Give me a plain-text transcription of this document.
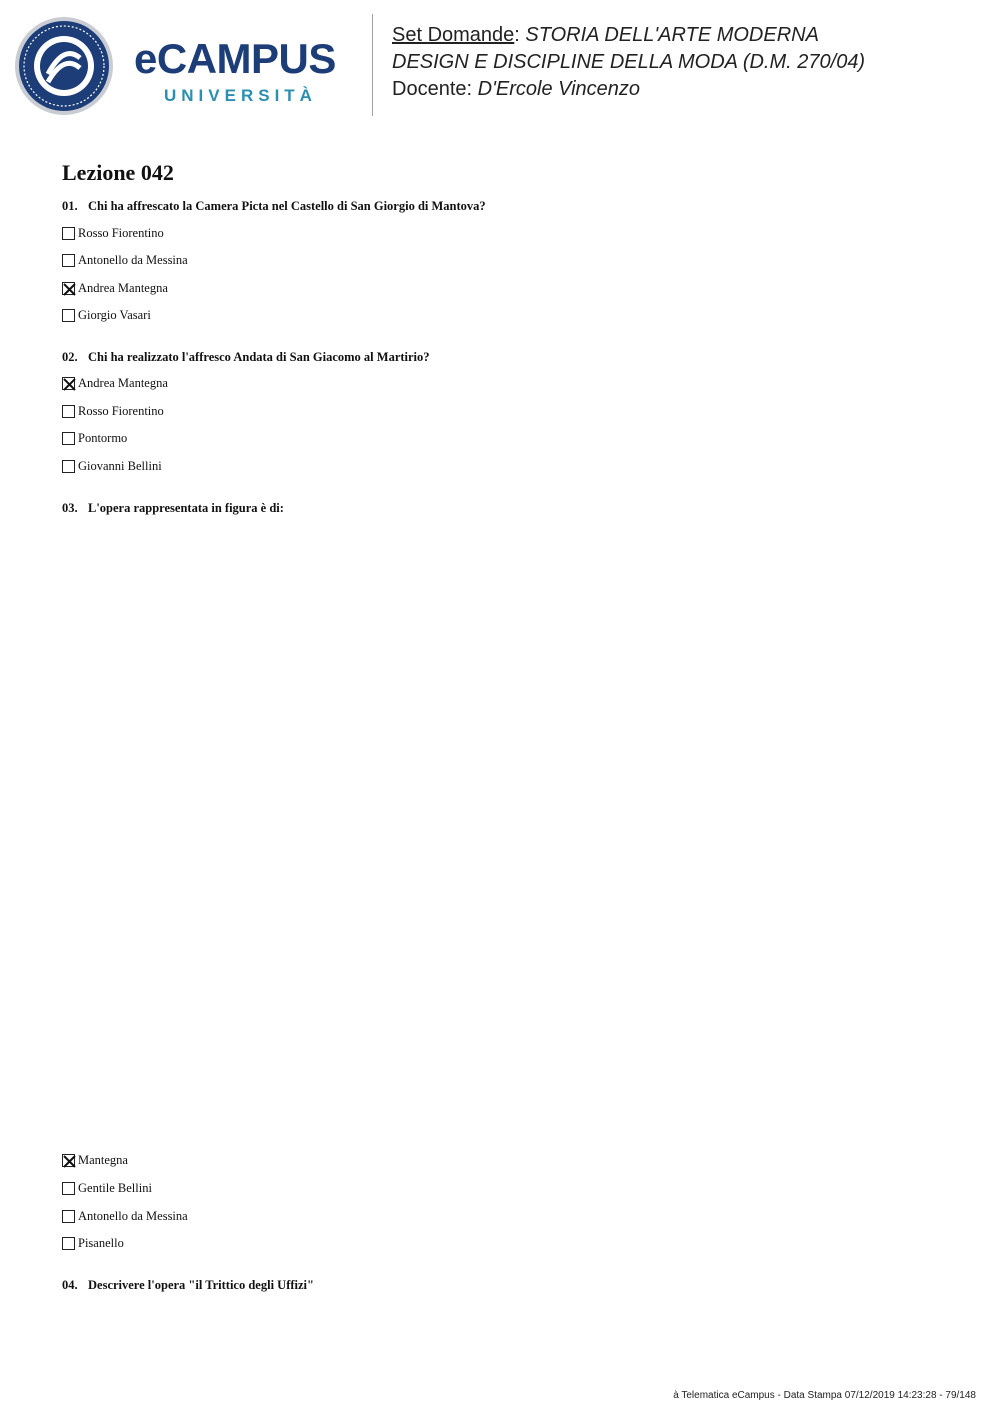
eCAMPUS
UNIVERSITÀ
Set Domande: STORIA DELL'ARTE MODERNA
DESIGN E DISCIPLINE DELLA MODA (D.M. 270/04)
Docente: D'Ercole Vincenzo
Lezione 042
01. Chi ha affrescato la Camera Picta nel Castello di San Giorgio di Mantova?
Rosso Fiorentino
Antonello da Messina
Andrea Mantegna
Giorgio Vasari
02. Chi ha realizzato l'affresco Andata di San Giacomo al Martirio?
Andrea Mantegna
Rosso Fiorentino
Pontormo
Giovanni Bellini
03. L'opera rappresentata in figura è di:
Mantegna
Gentile Bellini
Antonello da Messina
Pisanello
04. Descrivere l'opera "il Trittico degli Uffizi"
à Telematica eCampus - Data Stampa 07/12/2019 14:23:28 - 79/148
